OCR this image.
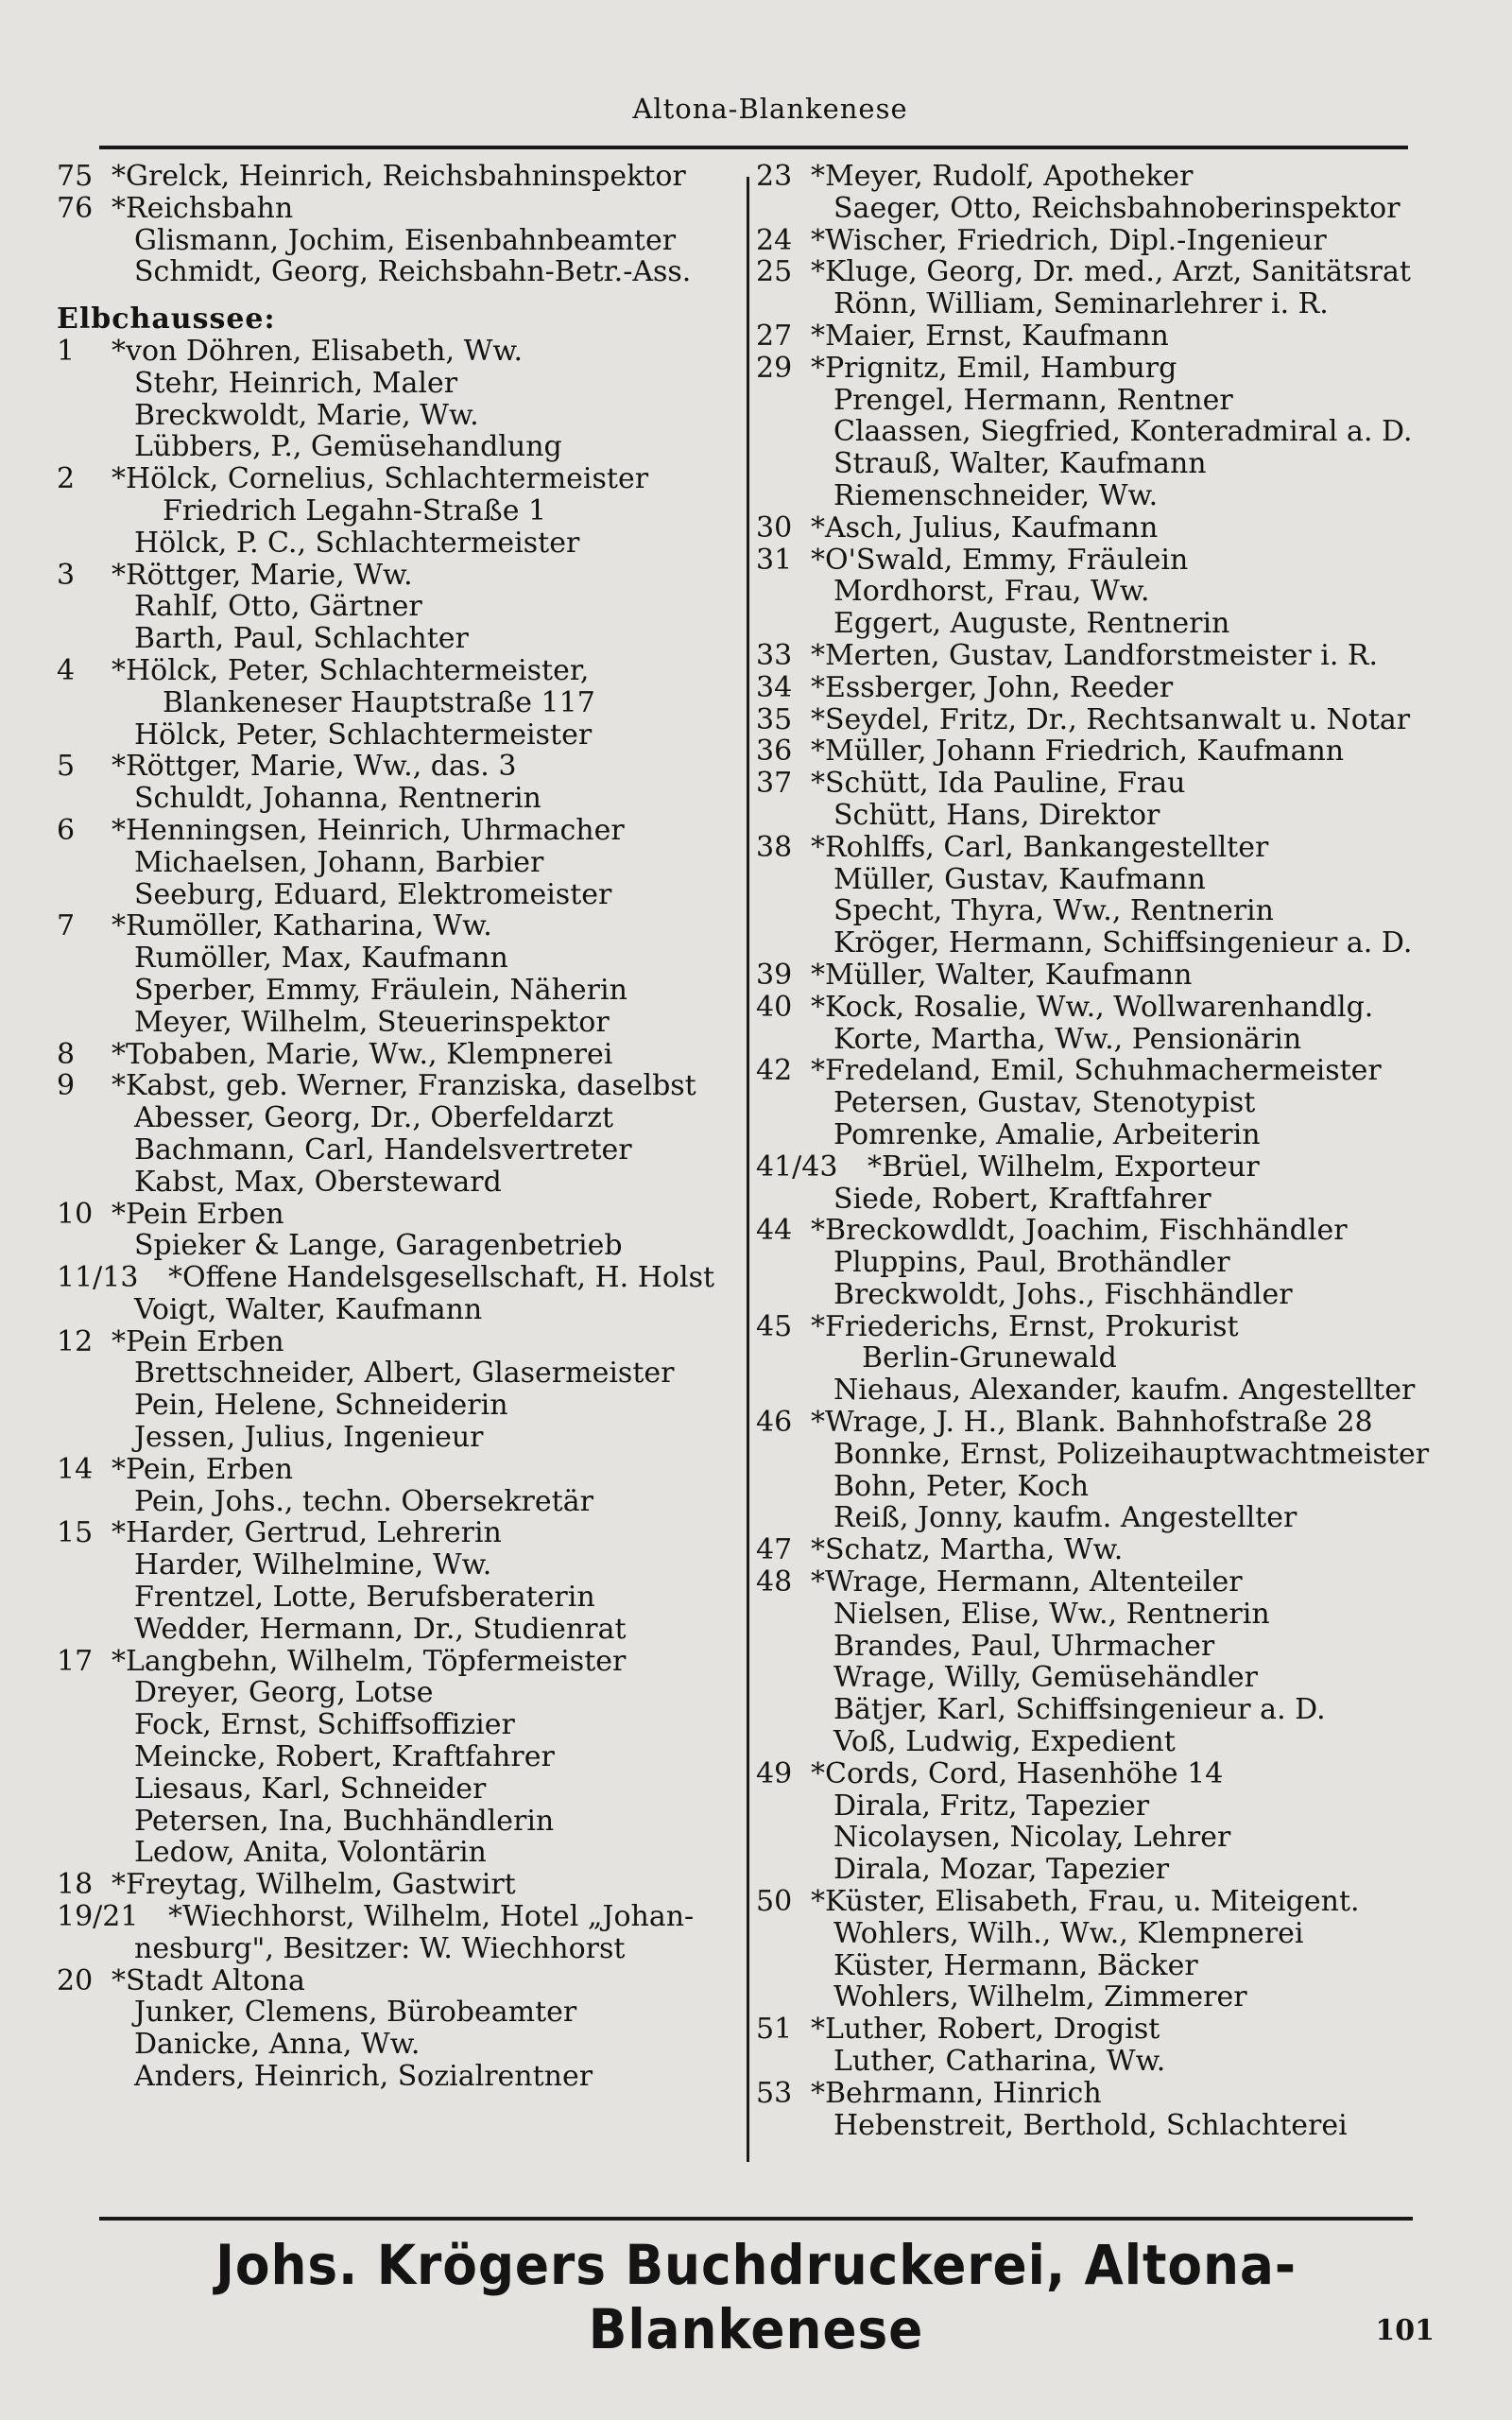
Altona-Blankenese
75 *Grelck, Heinrich, Reichsbahninspektor
76 *Reichsbahn
Glismann, Jochim, Eisenbahnbeamter
Schmidt, Georg, Reichsbahn-Betr.-Ass.
Elbchaussee:
1	*von Döhren, Elisabeth, Ww.
Stehr, Heinrich, Maler
Breckwoldt, Marie, Ww.
Lübbers, P., Gemüsehandlung
2	*Hölck, Cornelius, Schlachtermeister
Friedrich Legahn-Straße 1
Hölck, P. C., Schlachtermeister
3	*Röttger, Marie, Ww.
Rahlf, Otto, Gärtner
Barth, Paul, Schlachter
4	*Hölck, Peter, Schlachtermeister,
Blankeneser Hauptstraße 117
Hölck, Peter, Schlachtermeister
5	*Röttger, Marie, Ww., das. 3
Schuldt, Johanna, Rentnerin
6	*Henningsen, Heinrich, Uhrmacher
Michaelsen, Johann, Barbier
Seeburg, Eduard, Elektromeister
7	*Rumöller, Katharina, Ww.
Rumöller, Max, Kaufmann
Sperber, Emmy, Fräulein, Näherin
Meyer, Wilhelm, Steuerinspektor
8	*Tobaben, Marie, Ww., Klempnerei
9	*Kabst, geb. Werner, Franziska, daselbst
Abesser, Georg, Dr., Oberfeldarzt
Bachmann, Carl, Handelsvertreter
Kabst, Max, Obersteward
10 *Pein Erben
Spieker & Lange, Garagenbetrieb
11/13 *Offene Handelsgesellschaft, H. Holst
Voigt, Walter, Kaufmann
12 *Pein Erben
Brettschneider, Albert, Glasermeister
Pein, Helene, Schneiderin
Jessen, Julius, Ingenieur
14 *Pein, Erben
Pein, Johs., techn. Obersekretär
15 *Harder, Gertrud, Lehrerin
Harder, Wilhelmine, Ww.
Frentzel, Lotte, Berufsberaterin
Wedder, Hermann, Dr., Studienrat
17 *Langbehn, Wilhelm, Töpfermeister
Dreyer, Georg, Lotse
Fock, Ernst, Schiffsoffizier
Meincke, Robert, Kraftfahrer
Liesaus, Karl, Schneider
Petersen, Ina, Buchhändlerin
Ledow, Anita, Volontärin
18 *Freytag, Wilhelm, Gastwirt
19/21 *Wiechhorst, Wilhelm, Hotel „Johan-
nesburg", Besitzer: W. Wiechhorst
20 *Stadt Altona
Junker, Clemens, Bürobeamter
Danicke, Anna, Ww.
Anders, Heinrich, Sozialrentner
23 *Meyer, Rudolf, Apotheker
Saeger, Otto, Reichsbahnoberinspektor
24 *Wischer, Friedrich, Dipl.-Ingenieur
25 *Kluge, Georg, Dr. med., Arzt, Sanitätsrat
Rönn, William, Seminarlehrer i. R.
27 *Maier, Ernst, Kaufmann
29 *Prignitz, Emil, Hamburg
Prengel, Hermann, Rentner
Claassen, Siegfried, Konteradmiral a. D.
Strauß, Walter, Kaufmann
Riemenschneider, Ww.
30 *Asch, Julius, Kaufmann
31 *O'Swald, Emmy, Fräulein
Mordhorst, Frau, Ww.
Eggert, Auguste, Rentnerin
33 *Merten, Gustav, Landforstmeister i. R.
34 *Essberger, John, Reeder
35 *Seydel, Fritz, Dr., Rechtsanwalt u. Notar
36 *Müller, Johann Friedrich, Kaufmann
37 *Schütt, Ida Pauline, Frau
Schütt, Hans, Direktor
38 *Rohlffs, Carl, Bankangestellter
Müller, Gustav, Kaufmann
Specht, Thyra, Ww., Rentnerin
Kröger, Hermann, Schiffsingenieur a. D.
39 *Müller, Walter, Kaufmann
40 *Kock, Rosalie, Ww., Wollwarenhandlg.
Korte, Martha, Ww., Pensionärin
42 *Fredeland, Emil, Schuhmachermeister
Petersen, Gustav, Stenotypist
Pomrenke, Amalie, Arbeiterin
41/43 *Brüel, Wilhelm, Exporteur
Siede, Robert, Kraftfahrer
44 *Breckowdldt, Joachim, Fischhändler
Pluppins, Paul, Brothändler
Breckwoldt, Johs., Fischhändler
45 *Friederichs, Ernst, Prokurist
Berlin-Grunewald
Niehaus, Alexander, kaufm. Angestellter
46 *Wrage, J. H., Blank. Bahnhofstraße 28
Bonnke, Ernst, Polizeihauptwachtmeister
Bohn, Peter, Koch
Reiß, Jonny, kaufm. Angestellter
47 *Schatz, Martha, Ww.
48 *Wrage, Hermann, Altenteiler
Nielsen, Elise, Ww., Rentnerin
Brandes, Paul, Uhrmacher
Wrage, Willy, Gemüsehändler
Bätjer, Karl, Schiffsingenieur a. D.
Voß, Ludwig, Expedient
49 *Cords, Cord, Hasenhöhe 14
Dirala, Fritz, Tapezier
Nicolaysen, Nicolay, Lehrer
Dirala, Mozar, Tapezier
50 *Küster, Elisabeth, Frau, u. Miteigent.
Wohlers, Wilh., Ww., Klempnerei
Küster, Hermann, Bäcker
Wohlers, Wilhelm, Zimmerer
51 *Luther, Robert, Drogist
Luther, Catharina, Ww.
53 *Behrmann, Hinrich
Hebenstreit, Berthold, Schlachterei
Johs. Krögers Buchdruckerei, Altona-Blankenese	101
